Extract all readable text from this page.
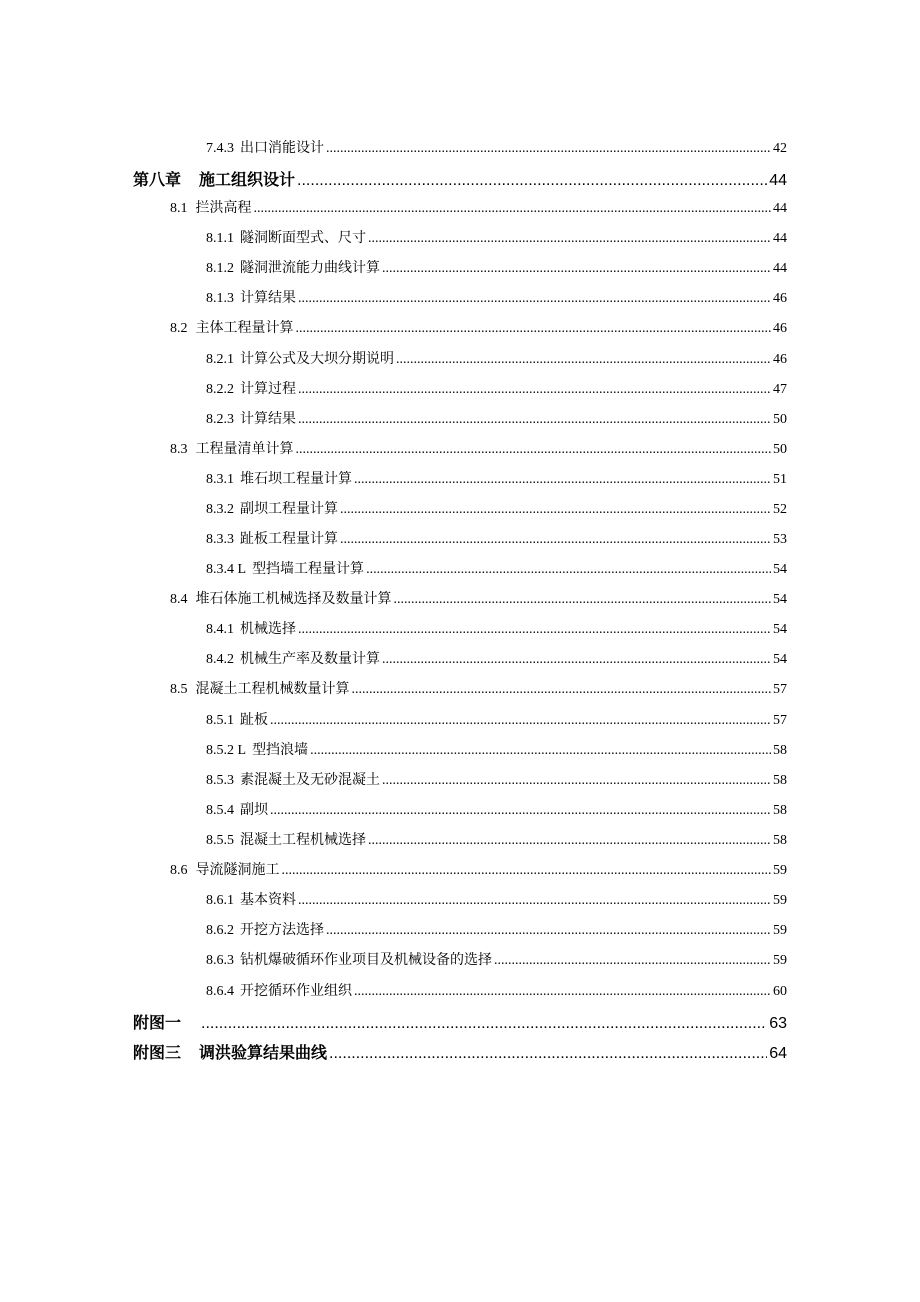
7.4.3 出口消能设计 .....	42
第八章 施工组织设计 .....	44
8.1 拦洪高程 .....	44
8.1.1 隧洞断面型式、尺寸 .....	44
8.1.2 隧洞泄流能力曲线计算 .....	44
8.1.3 计算结果 .....	46
8.2 主体工程量计算 .....	46
8.2.1 计算公式及大坝分期说明 .....	46
8.2.2 计算过程 .....	47
8.2.3 计算结果 .....	50
8.3 工程量清单计算 .....	50
8.3.1 堆石坝工程量计算 .....	51
8.3.2 副坝工程量计算 .....	52
8.3.3 趾板工程量计算 .....	53
8.3.4 L 型挡墙工程量计算 .....	54
8.4 堆石体施工机械选择及数量计算 .....	54
8.4.1 机械选择 .....	54
8.4.2 机械生产率及数量计算 .....	54
8.5 混凝土工程机械数量计算 .....	57
8.5.1 趾板 .....	57
8.5.2 L 型挡浪墙 .....	58
8.5.3 素混凝土及无砂混凝土 .....	58
8.5.4 副坝 .....	58
8.5.5 混凝土工程机械选择 .....	58
8.6 导流隧洞施工 .....	59
8.6.1 基本资料 .....	59
8.6.2 开挖方法选择 .....	59
8.6.3 钻机爆破循环作业项目及机械设备的选择 .....	59
8.6.4 开挖循环作业组织 .....	60
附图一 .....	63
附图三 调洪验算结果曲线 .....	64
